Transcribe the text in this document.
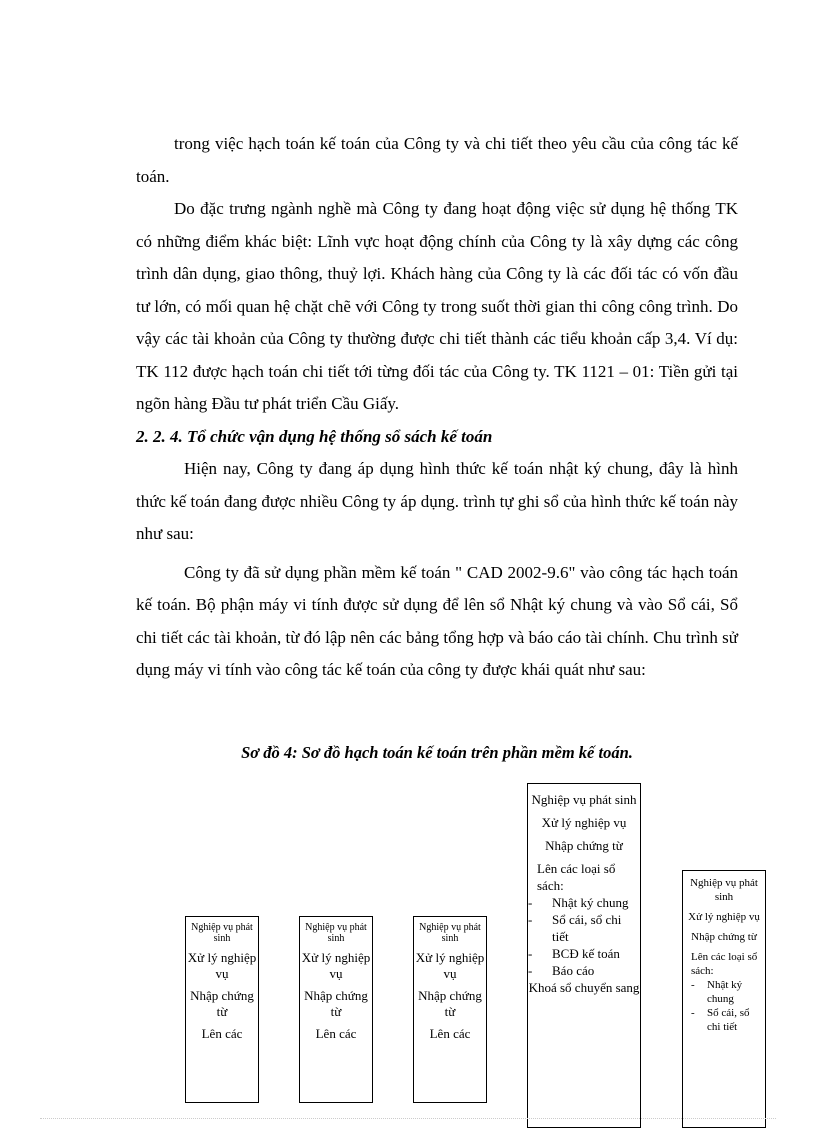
trong việc hạch toán kế toán của Công ty và chi tiết theo yêu cầu của công tác kế toán.

Do đặc trưng ngành nghề mà Công ty đang hoạt động việc sử dụng hệ thống TK có những điểm khác biệt: Lĩnh vực hoạt động chính của Công ty là xây dựng các công trình dân dụng, giao thông, thuỷ lợi. Khách hàng của Công ty là các đối tác có vốn đầu tư lớn, có mối quan hệ chặt chẽ với Công ty trong suốt thời gian thi công công trình. Do vậy các tài khoản của Công ty thường được chi tiết thành các tiểu khoản cấp 3,4. Ví dụ: TK 112 được hạch toán chi tiết tới từng đối tác của Công ty. TK 1121 – 01: Tiền gửi tại ngõn hàng Đầu tư phát triển Cầu Giấy.

2. 2. 4. Tổ chức vận dụng hệ thống sổ sách kế toán

Hiện nay, Công ty đang áp dụng hình thức kế toán nhật ký chung, đây là hình thức kế toán đang được nhiều Công ty áp dụng. trình tự ghi sổ của hình thức kế toán này như sau:

Công ty đã sử dụng phần mềm kế toán " CAD 2002-9.6" vào công tác hạch toán kế toán. Bộ phận máy vi tính được sử dụng để lên sổ Nhật ký chung và vào Sổ cái, Sổ chi tiết các tài khoản, từ đó lập nên các bảng tổng hợp và báo cáo tài chính. Chu trình sử dụng máy vi tính vào công tác kế toán của công ty được khái quát như sau:

Sơ đồ 4: Sơ đồ hạch toán kế toán trên phần mềm kế toán.
Nghiệp vụ phát sinh
Xử lý nghiệp vụ
Nhập chứng từ
Lên các
Nghiệp vụ phát sinh
Xử lý nghiệp vụ
Nhập chứng từ
Lên các
Nghiệp vụ phát sinh
Xử lý nghiệp vụ
Nhập chứng từ
Lên các
Nghiệp vụ phát sinh
Xử lý nghiệp vụ
Nhập chứng từ
Lên các loại sổ sách:
- Nhật ký chung
- Sổ cái, sổ chi tiết
- BCĐ kế toán
- Báo cáo
Khoá sổ chuyển sang
Nghiệp vụ phát sinh
Xử lý nghiệp vụ
Nhập chứng từ
Lên các loại sổ sách:
- Nhật ký chung
- Sổ cái, sổ chi tiết
